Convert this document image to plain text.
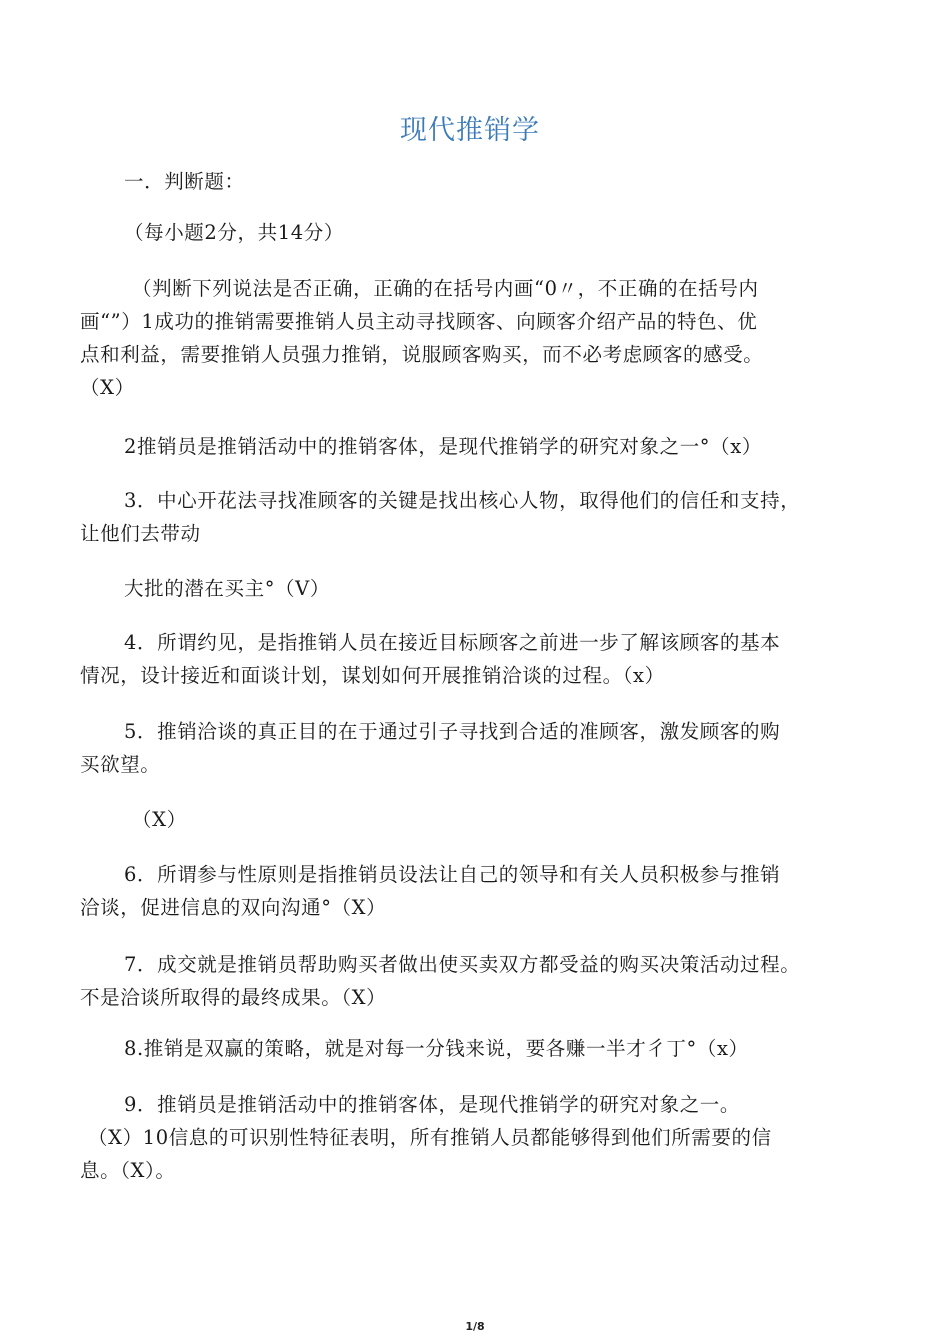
现代推销学
一．判断题：
（每小题2分，共14分）
（判断下列说法是否正确，正确的在括号内画“0〃，不正确的在括号内
画“”）1成功的推销需要推销人员主动寻找顾客、向顾客介绍产品的特色、优
点和利益，需要推销人员强力推销，说服顾客购买，而不必考虑顾客的感受。
（X）
2推销员是推销活动中的推销客体，是现代推销学的研究对象之一°（x）
3．中心开花法寻找准顾客的关键是找出核心人物，取得他们的信任和支持，
让他们去带动
大批的潜在买主°（V）
4．所谓约见，是指推销人员在接近目标顾客之前进一步了解该顾客的基本
情况，设计接近和面谈计划，谋划如何开展推销洽谈的过程。（x）
5．推销洽谈的真正目的在于通过引子寻找到合适的准顾客，激发顾客的购
买欲望。
（X）
6．所谓参与性原则是指推销员设法让自己的领导和有关人员积极参与推销
洽谈，促进信息的双向沟通°（X）
7．成交就是推销员帮助购买者做出使买卖双方都受益的购买决策活动过程。
不是洽谈所取得的最终成果。（X）
8.推销是双赢的策略，就是对每一分钱来说，要各赚一半才彳丁°（x）
9．推销员是推销活动中的推销客体，是现代推销学的研究对象之一。
（X）10信息的可识别性特征表明，所有推销人员都能够得到他们所需要的信
息。（X）。
1/8
